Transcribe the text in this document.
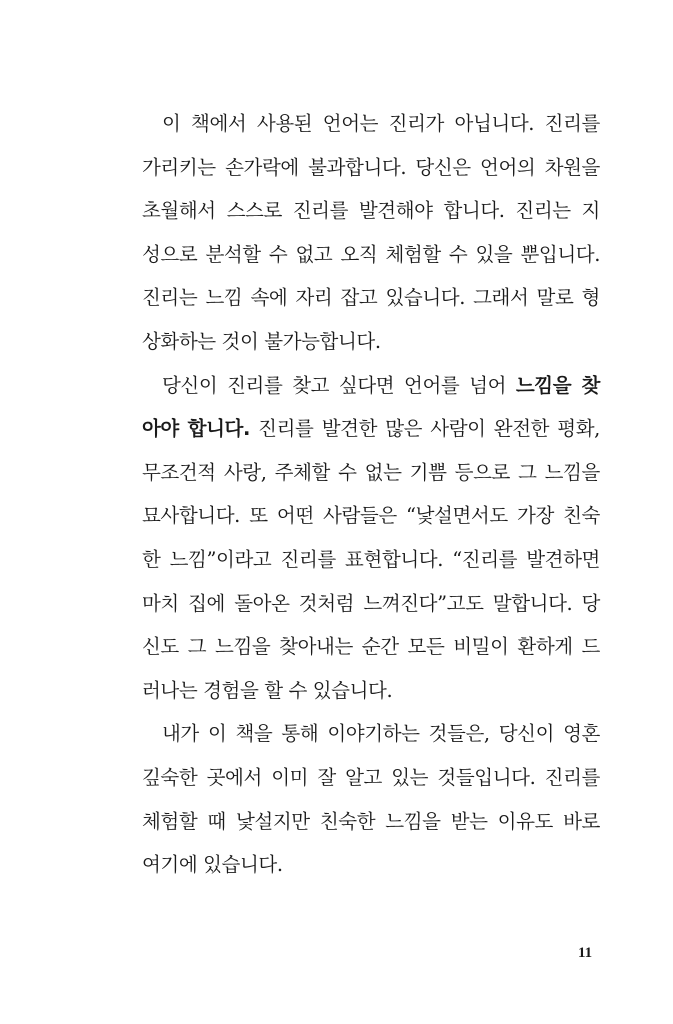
이 책에서 사용된 언어는 진리가 아닙니다. 진리를
가리키는 손가락에 불과합니다. 당신은 언어의 차원을
초월해서 스스로 진리를 발견해야 합니다. 진리는 지
성으로 분석할 수 없고 오직 체험할 수 있을 뿐입니다.
진리는 느낌 속에 자리 잡고 있습니다. 그래서 말로 형
상화하는 것이 불가능합니다.
당신이 진리를 찾고 싶다면 언어를 넘어 느낌을 찾
아야 합니다. 진리를 발견한 많은 사람이 완전한 평화,
무조건적 사랑, 주체할 수 없는 기쁨 등으로 그 느낌을
묘사합니다. 또 어떤 사람들은 “낯설면서도 가장 친숙
한 느낌”이라고 진리를 표현합니다. “진리를 발견하면
마치 집에 돌아온 것처럼 느껴진다”고도 말합니다. 당
신도 그 느낌을 찾아내는 순간 모든 비밀이 환하게 드
러나는 경험을 할 수 있습니다.
내가 이 책을 통해 이야기하는 것들은, 당신이 영혼
깊숙한 곳에서 이미 잘 알고 있는 것들입니다. 진리를
체험할 때 낯설지만 친숙한 느낌을 받는 이유도 바로
여기에 있습니다.
11
